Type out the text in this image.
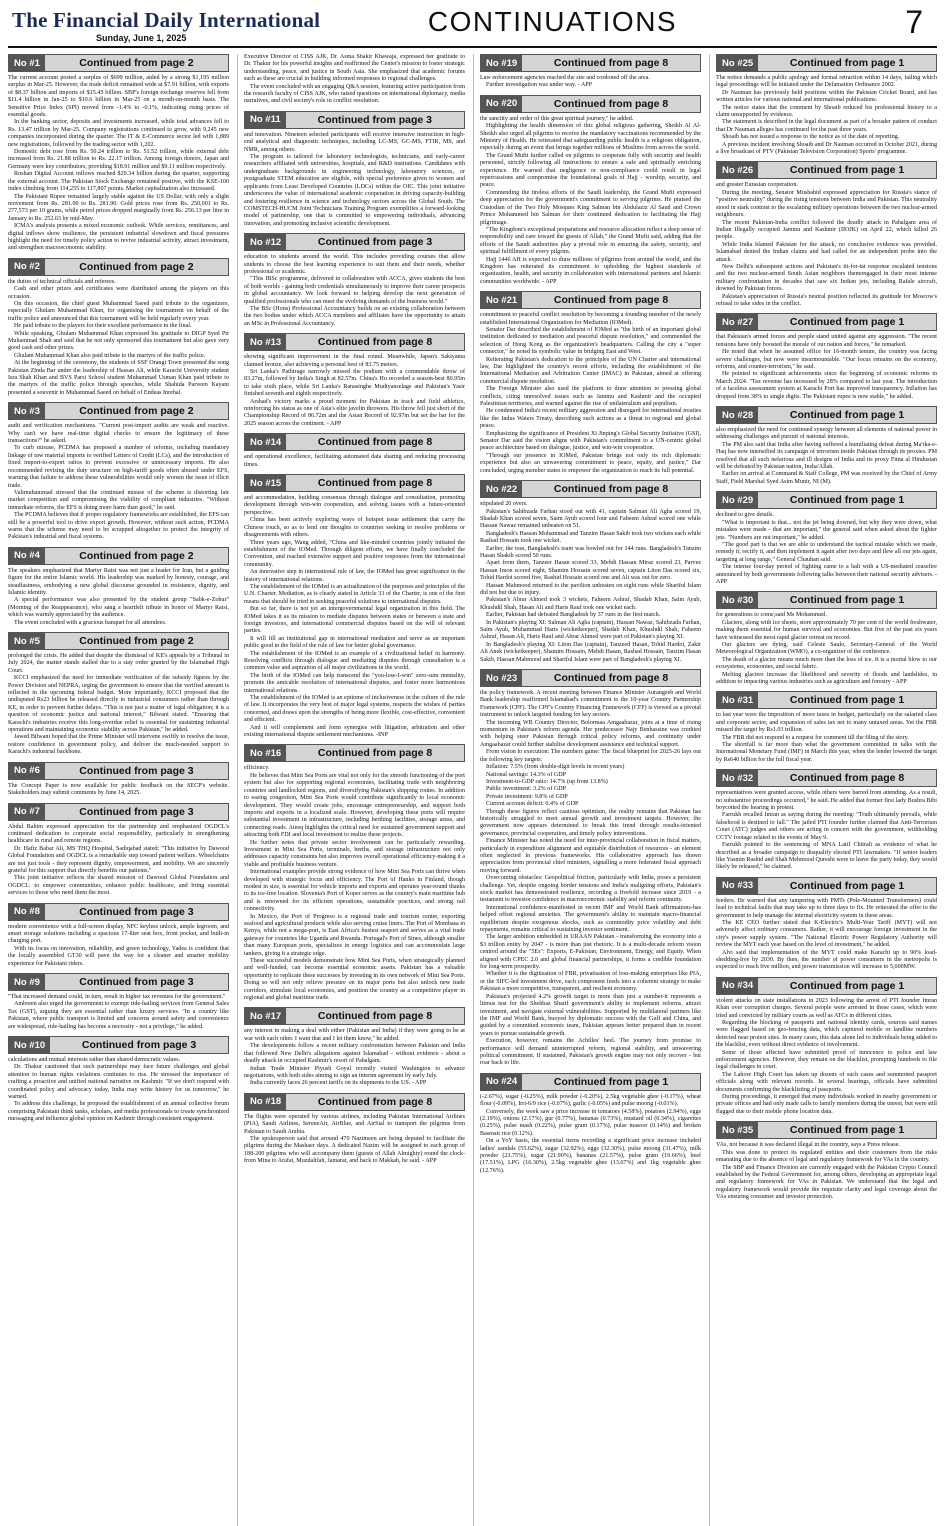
The Financial Daily International
Sunday, June 1, 2025
CONTINUATIONS	7
No #1	Continued from page 2

The current account posted a surplus of $699 million, aided by a strong $1,195 million surplus in Mar-25. However, the trade deficit remained wide at $7.91 billion, with exports of $8.37 billion and imports of $15.45 billion. SBP's foreign exchange reserves fell from $11.4 billion in Jan-25 to $10.6 billion in Mar-25 on a month-on-month basis. The Sensitive Price Index (SPI) moved from -1.4% to -0.1%, indicating rising prices of essential goods.

In the banking sector, deposits and investments increased, while total advances fell to Rs. 13.47 trillion by Mar-25. Company registrations continued to grow, with 9,245 new companies incorporated during the quarter. The IT & E-Commerce sector led with 1,889 new registrations, followed by the trading sector with 1,202.

Domestic debt rose from Rs. 50.24 trillion to Rs. 51.52 trillion, while external debt increased from Rs. 21.88 trillion to Rs. 22.17 trillion. Among foreign donors, Japan and Germany were key contributors, providing $18.91 million and $9.11 million respectively.

Roshan Digital Account inflows reached $29.34 billion during the quarter, supporting the external account. The Pakistan Stock Exchange remained positive, with the KSE-100 index climbing from 114,255 to 117,807 points. Market capitalization also increased.

The Pakistani Rupee remained largely stable against the US Dollar, with only a slight movement from Rs. 281.00 to Rs. 281.90. Gold prices rose from Rs. 250,001 to Rs. 277,573 per 10 grams, while petrol prices dropped marginally from Rs. 256.13 per litre in January to Rs. 252.63 by mid-May.

ICMA's analysis presents a mixed economic outlook. While services, remittances, and digital inflows show resilience, the persistent industrial slowdown and fiscal pressures highlight the need for timely policy action to revive industrial activity, attract investment, and strengthen macroeconomic stability.

No #2	Continued from page 2

the duties of technical officials and referees.

Cash and other prizes and certificates were distributed among the players on this occasion.

On this occasion, the chief guest Muhammad Saeed paid tribute to the organizers, especially Ghulam Muhammad Khan, for organising the tournament on behalf of the traffic police and announced that this tournament will be held regularly every year.

He paid tribute to the players for their excellent performance in the final.

While speaking, Ghulam Muhammad Khan expressed his gratitude to DIGP Syed Pir Muhammad Shah and said that he not only sponsored this tournament but also gave very good cash and other prizes.

Ghulam Muhammad Khan also paid tribute to the martyrs of the traffic police.

At the beginning of the ceremony, the students of SSF Orangi Town presented the song Pakistan Zinda Bar under the leadership of Hassan Ali, while Karachi University student Isra Shah Khan and BVS Parsi School student Muhammad Usman Khan paid tribute to the martyrs of the traffic police through speeches, while Shahida Parveen Kayani presented a souvenir to Muhammad Saeed on behalf of Endeas Inrehal.

No #3	Continued from page 2

audit and verification mechanisms. "Current post-import audits are weak and reactive. Why can't we have real-time digital checks to ensure the legitimacy of these transactions?" he asked.

To curb misuse, PCDMA has proposed a number of reforms, including mandatory linkage of raw material imports to verified Letters of Credit (LCs), and the introduction of fixed import-to-export ratios to prevent excessive or unnecessary imports. He also recommended revising the duty structure on high-tariff goods often abused under EFS, warning that failure to address these vulnerabilities would only worsen the issue of illicit trade.

Valimuhammad stressed that the continued misuse of the scheme is distorting fair market competition and compromising the viability of compliant industries. "Without immediate reforms, the EFS is doing more harm than good," he said.

The PCDMA believes that if proper regulatory frameworks are established, the EFS can still be a powerful tool to drive export growth. However, without such action, PCDMA warns that the scheme may need to be scrapped altogether to protect the integrity of Pakistan's industrial and fiscal systems.

No #4	Continued from page 2

The speakers emphasized that Martyr Raisi was not just a leader for Iran, but a guiding figure for the entire Islamic world. His leadership was marked by honesty, courage, and steadfastness, embodying a new global discourse grounded in resistance, dignity, and Islamic identity.

A special performance was also presented by the student group "Sabk-e-Zohur" (Morning of the Reappearance), who sang a heartfelt tribute in honor of Martyr Raisi, which was warmly appreciated by the audience.

The event concluded with a gracious banquet for all attendees.

No #5	Continued from page 2

prolonged the crisis. He added that despite the dismissal of KE's appeals by a Tribunal in July 2024, the matter stands stalled due to a stay order granted by the Islamabad High Court.

KCCI emphasized the need for immediate verification of the subsidy figures by the Power Division and NEPRA, urging the government to ensure that the verified amount is reflected in the upcoming federal budget. More importantly, KCCI proposed that the undisputed Rs23 billion be released directly to industrial consumers rather than through KE, in order to prevent further delays. "This is not just a matter of legal obligation; it is a question of economic justice and national interest," Bilwani stated. "Ensuring that Karachi's industries receive this long-overdue relief is essential for sustaining industrial operations and maintaining economic stability across Pakistan," he added.

Jawed Bilwani hoped that the Prime Minister will intervene swiftly to resolve the issue, restore confidence in government policy, and deliver the much-needed support to Karachi's industrial backbone.

No #6	Continued from page 3

The Concept Paper is now available for public feedback on the SECP's website. Stakeholders may submit comments by June 14, 2025.

No #7	Continued from page 3

Abdul Rahim expressed appreciation for the partnership and emphasized OGDCL's continued dedication to corporate social responsibility, particularly in strengthening healthcare in rural and remote regions.

Dr. Hafiz Babar Ali, MS THQ Hospital, Sadiqabad stated: "This initiative by Dawood Global Foundation and OGDCL is a remarkable step toward patient welfare. Wheelchairs are not just tools - they represent dignity, empowerment, and mobility. We are sincerely grateful for this support that directly benefits our patients."

This joint initiative reflects the shared mission of Dawood Global Foundation and OGDCL: to empower communities, enhance public healthcare, and bring essential services to those who need them the most.

No #8	Continued from page 3

modern convenience with a full-screen display, NFC keyless unlock, ample legroom, and smart storage solutions including a spacious 17-liter seat box, front pocket, and built-in charging port.

With its focus on innovation, reliability, and green technology, Yadea is confident that the locally assembled GT30 will pave the way for a cleaner and smarter mobility experience for Pakistani riders.

No #9	Continued from page 3

"That increased demand could, in turn, result in higher tax revenues for the government."

Ambreen also urged the government to exempt ride-hailing services from General Sales Tax (GST), arguing they are essential rather than luxury services. "In a country like Pakistan, where public transport is limited and concerns around safety and convenience are widespread, ride-hailing has become a necessity - not a privilege," he added.

No #10	Continued from page 3

calculations and mutual interests rather than shared democratic values.

Dr. Thakur cautioned that such partnerships may face future challenges and global attention to human rights violations continues to rise. He stressed the importance of crafting a proactive and unified national narrative on Kashmir. "If we don't respond with coordinated policy and advocacy today, India may write history for us tomorrow," he warned.

To address this challenge, he proposed the establishment of an annual collective forum comprising Pakistani think tanks, scholars, and media professionals to create synchronized messaging and influence global opinion on Kashmir through consistent engagement.

Executive Director of CISS AJK, Dr. Asma Shakir Khawaja, expressed her gratitude to Dr. Thakur for his powerful insights and reaffirmed the Center's mission to foster strategic understanding, peace, and justice in South Asia. She emphasized that academic forums such as these are crucial in building informed responses to regional challenges.

The event concluded with an engaging Q&A session, featuring active participation from the research faculty of CISS AJK, who raised questions on international diplomacy, media narratives, and civil society's role in conflict resolution.

No #11	Continued from page 3

and innovation. Nineteen selected participants will receive intensive instruction in high-end analytical and diagnostic techniques, including LC-MS, GC-MS, FTIR, MS, and NMR, among others.

The program is tailored for laboratory technologists, technicians, and early-career researchers affiliated with universities, hospitals, and R&D institutions. Candidates with undergraduate backgrounds in engineering technology, laboratory sciences, or postgraduate STEM education are eligible, with special preference given to women and applicants from Least Developed Countries (LDCs) within the OIC. This joint initiative underscores the value of international academic cooperation in driving capacity-building and fostering resilience in science and technology sectors across the Global South. The COMSTECH-HUCM Joint Technicians Training Program exemplifies a forward-looking model of partnership, one that is committed to empowering individuals, advancing innovation, and promoting inclusive scientific development.

No #12	Continued from page 3

education to students around the world. This includes providing courses that allow students to choose the best learning experience to suit them and their needs, whether professional or academic.

"This IBSc programme, delivered in collaboration with ACCA, gives students the best of both worlds - gaining both credentials simultaneously to improve their career prospects in global accountancy. We look forward to helping develop the next generation of qualified professionals who can meet the evolving demands of the business world."

The BSc (Hons) Professional Accountancy builds on an existing collaboration between the two bodies under which ACCA members and affiliates have the opportunity to attain an MSc in Professional Accountancy.

No #13	Continued from page 8

showing significant improvement in the final round. Meanwhile, Japan's Sakiyama claimed bronze, also achieving a personal best of 83.75 meters.

Sri Lanka's Pathirage narrowly missed the podium with a commendable throw of 83.27m, followed by India's Singh at 82.57m. China's Hu recorded a season-best 80.95m to take sixth place, while Sri Lanka's Ranasinghe Mudiyanselage and Pakistan's Yasir finished seventh and eighth respectively.

Arshad's victory marks a proud moment for Pakistan in track and field athletics, reinforcing his status as one of Asia's elite javelin throwers. His throw fell just short of the Championship Record of 86.72m and the Asian Record of 92.97m but set the bar for the 2025 season across the continent. - APP

No #14	Continued from page 8

and operational excellence, facilitating automated data sharing and reducing processing times.

No #15	Continued from page 8

and accommodation, building consensus through dialogue and consultation, promoting development through win-win cooperation, and solving issues with a future-oriented perspective.

China has been actively exploring ways of hotspot issue settlement that carry the Chinese touch, so as to lend our thoughts to countries seeking to resolve problems or disagreements with others.

Three years ago, Wang added, "China and like-minded countries jointly initiated the establishment of the IOMed. Through diligent efforts, we have finally concluded the Convention, and reached extensive support and positive responses from the international community.

An innovative step in international rule of law, the IOMed has great significance in the history of international relations.

The establishment of the IOMed is an actualization of the purposes and principles of the U.N. Charter. Mediation, as is clearly stated in Article 33 of the Charter, is one of the first means that should be tried in seeking peaceful solutions to international disputes.

But so far, there is not yet an intergovernmental legal organization in this field. The IOMed takes it as its mission to mediate disputes between states or between a state and foreign investors, and international commercial disputes based on the will of relevant parties.

It will fill an institutional gap in international mediation and serve as an important public good in the field of the rule of law for better global governance.

The establishment of the IOMed is an example of a civilizational belief in harmony. Resolving conflicts through dialogue and mediating disputes through consultation is a common value and aspiration of all major civilizations in the world.

The birth of the IOMed can help transcend the "you-lose-I-win" zero-sum mentality, promote the amicable resolution of international disputes, and foster more harmonious international relations.

The establishment of the IOMed is an epitome of inclusiveness in the culture of the rule of law. It incorporates the very best of major legal systems, respects the wishes of parties concerned, and draws upon the strengths of being more flexible, cost-effective, convenient and efficient.

And it will complement and form synergies with litigation, arbitration and other existing international dispute settlement mechanisms. -INP

No #16	Continued from page 8

efficiency.

He believes that Mini Sea Ports are vital not only for the smooth functioning of the port system but also for supporting regional economies, facilitating trade with neighboring countries and landlocked regions, and diversifying Pakistan's shipping routes. In addition to easing congestion, Mini Sea Ports would contribute significantly to local economic development. They would create jobs, encourage entrepreneurship, and support both imports and exports in a localized scale. However, developing these ports will require substantial investment in infrastructure, including berthing facilities, storage areas, and connecting roads. Ateeq highlights the critical need for sustained government support and attracting both FDI and local investment to realize these projects.

He further notes that private sector involvement can be particularly rewarding. Investment in Mini Sea Ports, terminals, berths, and storage infrastructure not only addresses capacity constraints but also improves overall operational efficiency-making it a viable and profitable business venture.

International examples provide strong evidence of how Mini Sea Ports can thrive when developed with strategic focus and efficiency. The Port of Hanko in Finland, though modest in size, is essential for vehicle imports and exports and operates year-round thanks to its ice-free location. Slovenia's Port of Koper serves as the country's main maritime hub and is renowned for its efficient operations, sustainable practices, and strong rail connectivity.

In Mexico, the Port of Progreso is a regional trade and tourism center, exporting seafood and agricultural products while also serving cruise liners. The Port of Mombasa in Kenya, while not a mega-port, is East Africa's busiest seaport and serves as a vital trade gateway for countries like Uganda and Rwanda. Portugal's Port of Sines, although smaller than many European ports, specializes in energy logistics and can accommodate large tankers, giving it a strategic edge.

These successful models demonstrate how Mini Sea Ports, when strategically planned and well-funded, can become essential economic assets. Pakistan has a valuable opportunity to replicate these successes by investing in its own network of Mini Sea Ports. Doing so will not only relieve pressure on its major ports but also unlock new trade corridors, stimulate local economies, and position the country as a competitive player in regional and global maritime trade.

No #17	Continued from page 8

any interest in making a deal with either (Pakistan and India) if they were going to be at war with each other. I want that and I let them know," he added.

The developments follow a recent military confrontation between Pakistan and India that followed New Delhi's allegations against Islamabad - without evidence - about a deadly attack in occupied Kashmir's resort of Pahalgam.

Indian Trade Minister Piyush Goyal recently visited Washington to advance negotiations, with both sides aiming to sign an interim agreement by early July.

India currently faces 26 percent tariffs on its shipments to the US. - APP

No #18	Continued from page 8

The flights were operated by various airlines, including Pakistan International Airlines (PIA), Saudi Airlines, SereneAir, AirBlue, and AirSial to transport the pilgrims from Pakistan to Saudi Arabia.

The spokesperson said that around 470 Nazimeen are being deputed to facilitate the pilgrims during the Mashaer days. A dedicated Nazim will be assigned to each group of 188-200 pilgrims who will accompany them (guests of Allah Almighty) round the clock-from Mina to Arafat, Muzdalifah, Jamarat, and back to Makkah, he said. - APP

No #19	Continued from page 8

Law enforcement agencies reached the site and cordoned off the area.

Further investigation was under way. - APP

No #20	Continued from page 8

the sanctity and order of this great spiritual journey," he added.

Highlighting the health dimension of this global religious gathering, Sheikh Al Al-Sheikh also urged all pilgrims to receive the mandatory vaccinations recommended by the Ministry of Health. He reiterated that safeguarding public health is a religious obligation, especially during an event that brings together millions of Muslims from across the world.

The Grand Mufti further called on pilgrims to cooperate fully with security and health personnel, strictly following all instructions to ensure a safe and spiritually enriching experience. He warned that negligence or non-compliance could result in legal repercussions and compromise the foundational goals of Hajj - worship, security, and peace.

Commending the tireless efforts of the Saudi leadership, the Grand Mufti expressed deep appreciation for the government's commitment to serving pilgrims. He praised the Custodian of the Two Holy Mosques King Salman bin Abdulaziz Al Saud and Crown Prince Mohammed bin Salman for their continued dedication to facilitating the Hajj pilgrimage.

"The Kingdom's exceptional preparations and resource allocation reflect a deep sense of responsibility and care toward the guests of Allah," the Grand Mufti said, adding that the efforts of the Saudi authorities play a pivotal role in ensuring the safety, security, and spiritual fulfillment of every pilgrim.

Hajj 1446 AH is expected to draw millions of pilgrims from around the world, and the Kingdom has reiterated its commitment to upholding the highest standards of organization, health, and security in collaboration with international partners and Islamic communities worldwide. - APP

No #21	Continued from page 8

commitment to peaceful conflict resolution by becoming a founding member of the newly established International Organization for Mediation (IOMed).

Senator Dar described the establishment of IOMed as "the birth of an important global institution dedicated to mediation and peaceful dispute resolution," and commended the selection of Hong Kong as the organization's headquarters. Calling the city a "super connector," he noted its symbolic value in bridging East and West.

Reiterating Pakistan's dedication to the principles of the UN Charter and international law, Dar highlighted the country's recent efforts, including the establishment of the International Mediation and Arbitration Center (IMAC) in Pakistan, aimed at offering commercial dispute resolution.

The Foreign Minister also used the platform to draw attention to pressing global conflicts, citing unresolved issues such as Jammu and Kashmir and the occupied Palestinian territories, and warned against the rise of unilateralism and populism.

He condemned India's recent military aggression and disregard for international treaties like the Indus Waters Treaty, describing such actions as a threat to regional and global peace.

Emphasizing the significance of President Xi Jinping's Global Security Initiative (GSI), Senator Dar said the vision aligns with Pakistan's commitment to a UN-centric global peace architecture based on dialogue, justice, and win-win cooperation.

"Through our presence in IOMed, Pakistan brings not only its rich diplomatic experience but also an unwavering commitment to peace, equity, and justice," Dar concluded, urging member states to empower the organization to reach its full potential.

No #22	Continued from page 8

stipulated 20 overs.

Pakistan's Sahibzada Farhan stood out with 41, captain Salman Ali Agha scored 19, Shadab Khan scored seven, Saim Ayub scored four and Faheem Ashraf scored one while Hassan Nawaz remained unbeaten on 51.

Bangladesh's Hassan Mohammad and Tanzim Hasan Sakib took two wickets each while Rashad Hossain took one wicket.

Earlier, the toss, Bangladesh's team was bowled out for 144 runs. Bangladesh's Tanzim Hasan Shakib scored 50 runs.

Apart from them, Tanzeer Hasan scored 33, Mehdi Hassan Miraz scored 23, Parvez Hassan Imon scored eight, Shamim Hossain scored seven, captain Liton Das scored six, Tohid Hardoi scored five, Rashid Hossain scored one and Ali was out for zero.

Hassan Mahmood returned to the pavilion unbeaten on eight runs while Shariful Islam did not but due to injury.

Pakistan's Abrar Ahmed took 3 wickets, Faheem Ashraf, Shadab Khan, Saim Ayub, Khushdil Shah, Hasan Ali and Haris Rauf took one wicket each.

Earlier, Pakistan had defeated Bangladesh by 37 runs in the first match.

In Pakistan's playing XI: Salman Ali Agha (captain), Hassan Nawaz, Sahibzada Farhan, Saim Ayub, Muhammad Haris (wicketkeeper), Shadab Khan, Khushdil Shah, Faheem Ashraf, Hasan Ali, Haris Rauf and Abrar Ahmed were part of Pakistan's playing XI.

In Bangladesh's playing XI: Liton Das (captain), Tanzeed Hasan, Tohid Hardoi, Zakir Ali Anek (wicketkeeper), Shamim Hossain, Mehdi Hasan, Rashad Hossain, Tanzim Hasan Sakib, Hassan Mahmood and Shariful Islam were part of Bangladesh's playing XI.

No #23	Continued from page 8

the policy framework. A recent meeting between Finance Minister Aurangzeb and World Bank leadership reaffirmed Islamabad's commitment to the 10-year Country Partnership Framework (CPF). The CPF's Country Financing Framework (CFF) is viewed as a pivotal instrument to unlock targeted funding for key sectors.

The incoming WB Country Director, Bolormaa Amgaabazar, joins at a time of rising momentum in Pakistan's reform agenda. Her predecessor Najy Benhassine was credited with helping steer Pakistan through critical policy reforms, and continuity under Amgaabazar could further stabilise development assistance and technical support.

From vision to execution: The numbers game: The fiscal blueprint for 2025-26 lays out the following key targets:

Inflation: 7.5% (from double-digit levels in recent years)

National savings: 14.3% of GDP

Investment-to-GDP ratio: 14.7% (up from 13.8%)

Public investment: 3.2% of GDP

Private investment: 9.8% of GDP

Current account deficit: 0.4% of GDP

Though these figures reflect cautious optimism, the reality remains that Pakistan has historically struggled to meet annual growth and investment targets. However, the government now appears determined to break this trend through results-oriented governance, provincial cooperation, and timely policy interventions.

Finance Minister has noted the need for inter-provincial collaboration in fiscal matters, particularly in expenditure alignment and equitable distribution of resources - an element often neglected in previous frameworks. His collaborative approach has drawn appreciation from provincial chief ministers, signalling a more federated fiscal approach moving forward.

Overcoming obstacles: Geopolitical friction, particularly with India, poses a persistent challenge. Yet, despite ongoing border tensions and India's maligning efforts, Pakistan's stock market has demonstrated resilience, recording a fivefold increase since 2019 - a testament to investor confidence in macroeconomic stability and reform continuity.

International confidence-manifested in recent IMF and World Bank affirmations-has helped offset regional anxieties. The government's ability to maintain macro-financial equilibrium despite exogenous shocks, such as commodity price volatility and debt repayments, remains critical to sustaining investor sentiment.

The larger ambition embedded in URAAN Pakistan - transforming the economy into a $3 trillion entity by 2047 - is more than just rhetoric. It is a multi-decade reform vision centred around the "5Es": Exports, E-Pakistan, Environment, Energy, and Equity. When aligned with CPEC 2.0 and global financial partnerships, it forms a credible foundation for long-term prosperity.

Whether it is the digitisation of FBR, privatisation of loss-making enterprises like PIA, or the SIFC-led investment drive, each component feeds into a coherent strategy to make Pakistan a more competitive, transparent, and resilient economy.

Pakistan's projected 4.2% growth target is more than just a number-it represents a litmus test for the Shehbaz Sharif government's ability to implement reforms, attract investment, and navigate external vulnerabilities. Supported by multilateral partners like the IMF and World Bank, buoyed by diplomatic success with the Gulf and China, and guided by a committed economic team, Pakistan appears better prepared than in recent years to pursue sustainable growth.

Execution, however, remains the Achilles' heel. The journey from promise to performance will demand uninterrupted reform, regional stability, and unwavering political commitment. If sustained, Pakistan's growth engine may not only recover - but roar back to life.

No #24	Continued from page 1

(-2.67%), sugar (-0.25%), milk powder (-0.20%), 2.5kg vegetable ghee (-0.17%), wheat flour (-0.09%), Irri-6/9 rice (-0.07%), garlic (-0.05%) and pulse moong (-0.01%).

Conversely, the week saw a price increase in tomatoes (4.58%), potatoes (2.94%), eggs (2.19%), onions (2.17%), gur (0.77%), bananas (0.73%), mustard oil (0.34%), cigarettes (0.25%), pulse mash (0.22%), pulse gram (0.17%), pulse masoor (0.14%) and broken Basmati rice (0.12%).

On a YoY basis, the essential items recording a significant price increase included ladies' sandals (55.62%), sugar (32.92%), eggs (32.30%), pulse moong (31.47%), milk powder (23.75%), sugar (21.90%), bananas (21.57%), pulse gram (19.66%), beef (17.51%), LPG (16.30%), 2.5kg vegetable ghee (13.67%) and 1kg vegetable ghee (12.76%).

No #25	Continued from page 1

The notice demands a public apology and formal retraction within 14 days, failing which legal proceedings will be initiated under the Defamation Ordinance 2002.

Dr Nauman has previously held positions within the Pakistan Cricket Board, and has written articles for various national and international publications.

The notice states that the comment by Shoaib reduced his professional history to a claim unsupported by evidence.

The statement is described in the legal document as part of a broader pattern of conduct that Dr Nauman alleges has continued for the past three years.

Shoaib has not issued a response to the notice as of the date of reporting.

A previous incident involving Shoaib and Dr Nauman occurred in October 2021, during a live broadcast of PTV (Pakistan Television Corporation) Sports' programme.

No #26	Continued from page 1

and greater Eurasian cooperation.

During the meeting, Senator Mushahid expressed appreciation for Russia's stance of "positive neutrality" during the rising tensions between India and Pakistan. This neutrality stood in stark contrast to the escalating military operations between the two nuclear-armed neighbours.

The recent Pakistan-India conflict followed the deadly attack in Pahalgam area of Indian Illegally occupied Jammu and Kashmir (IIOJK) on April 22, which killed 26 people.

While India blamed Pakistan for the attack, no conclusive evidence was provided. Islamabad denied the Indian claims and had called for an independent probe into the attack.

New Delhi's subsequent actions and Pakistan's tit-for-tat response escalated tensions and the two nuclear-armed South Asian neighbors themongaged in their most intense military confrontation in decades that saw six Indian jets, including Rafale aircraft, downed by Pakistan forces.

Pakistan's appreciation of Russia's neutral position reflected its gratitude for Moscow's refusal to take sides in the conflict.

No #27	Continued from page 1

that Pakistan's armed forces and people stand united against any aggression. "The recent tensions have only boosted the morale of our nation and forces," he remarked.

He noted that when he assumed office for 16-month tenure, the country was facing severe challenges, but now were insurmountable. "Our focus remains on the economy, reforms, and counter-terrorism," he said.

He pointed to significant achievements since the beginning of economic reforms in March 2024. "Tax revenue has increased by 28% compared to last year. The introduction of a faceless assessment system at Karachi Port has improved transparency. Inflation has dropped from 38% to single digits. The Pakistani rupee is now stable," he added.

No #28	Continued from page 1

also emphasized the need for continued synergy between all elements of national power in addressing challenges and pursuit of national interests.

The PM also said that India after having suffered a humiliating defeat during Ma'rka-e-Haq has now intensified its campaign of terrorism inside Pakistan through its proxies. PM resolved that all such nefarious and ill designs of India and its proxy Fitna al Hindustan will be defeated by Pakistan nation, Insha'Allah.

Earlier on arrival at Command & Staff College, PM was received by the Chief of Army Staff, Field Marshal Syed Asim Munir, NI (M).

No #29	Continued from page 1

declined to give details.

"What is important is that... not the jet being downed, but why they were down, what mistakes were made - that are important," the general said when asked about the fighter jets. "Numbers are not important," he added.

"The good part is that we are able to understand the tactical mistake which we made, remedy it, rectify it, and then implement it again after two days and flew all our jets again, targeting at long range," General Chauhan said.

The intense four-day period of fighting came to a halt with a US-mediated ceasefire announced by both governments following talks between their national security advisers. - APP

No #30	Continued from page 1

for generations to come,said Ms Mohammed.

Glaciers, along with ice sheets, store approximately 70 per cent of the world freshwater, making them essential for human survival and economies. But five of the past six years have witnessed the most rapid glacier retreat on record.

Our glaciers are dying, said Celeste Saulo, Secretary-General of the World Meteorological Organization (WMO), a co-organizer of the conference.

The death of a glacier means much more than the loss of ice. It is a mortal blow to our ecosystems, economies, and social fabric.

Melting glaciers increase the likelihood and severity of floods and landslides, in addition to impacting various industries such as agriculture and forestry - APP

No #31	Continued from page 1

to last year were the imposition of more taxes in budget, particularly on the salaried class and corporate sector, and expansion of sales tax net to many untaxed areas. Yet the FBR missed the target by Rs1.03 trillion.

The FBR did not respond to a request for comment till the filing of the story.

The shortfall is far more than what the government committed in talks with the International Monetary Fund (IMF) in March this year, when the lender lowered the target by Rs640 billion for the full fiscal year.

No #32	Continued from page 8

representatives were granted access, while others were barred from attending. As a result, no substantive proceedings occurred," he said. He added that former first lady Bushra Bibi boycotted the hearing in protest.

Farrukh recalled Imran as saying during the meeting: "Truth ultimately prevails, while falsehood is destined to fall." The jailed PTI founder further claimed that Anti-Terrorism Court (ATC) judges and others are acting in concert with the government, withholding CCTV footage related to the events of May 9.

Farrukh pointed to the sentencing of MNA Latif Chitrali as evidence of what he described as a broader campaign to disqualify elected PTI lawmakers. "If senior leaders like Yasmin Rashid and Shah Mehmood Qureshi were to leave the party today, they would likely be released," he claimed.

No #33	Continued from page 1

feeders. He warned that any tampering with PMTs (Pole-Mounted Transformers) could lead to technical faults that may take up to three days to fix. He reiterated the offer to the government to help manage the internal electricity system in these areas.

The KE CEO further stated that K-Electric's Multi-Year Tariff (MYT) will not adversely affect ordinary consumers. Rather, it will encourage foreign investment in the city's power supply system. "The National Electric Power Regulatory Authority will review the MYT each year based on the level of investment," he added.

Alvi said that implementation of the MYT could make Karachi up to 90% load-shedding-free by 2030. By then, the number of power consumers in the metropolis is expected to reach five million, and power transmission will increase to 5,000MW.

No #34	Continued from page 1

violent attacks on state installations in 2023 following the arrest of PTI founder Imran Khan over corruption charges. Several people were arrested in these cases, which were tried and convicted by military courts as well as ATCs in different cities.

Regarding the blocking of passports and national identity cards, sources said names were flagged based on geo-fencing data, which captured mobile or landline numbers detected near protest sites. In many cases, this data alone led to individuals being added to the blacklist, even without direct evidence of involvement.

Some of those affected have submitted proof of innocence to police and law enforcement agencies. However, they remain on the blacklist, prompting hundreds to file legal challenges in court.

The Lahore High Court has taken up dozens of such cases and summoned passport officials along with relevant records. In several hearings, officials have submitted documents confirming the blacklisting of passports.

During proceedings, it emerged that many individuals worked in nearby government or private offices and had only made calls to family members during the unrest, but were still flagged due to their mobile phone location data.

No #35	Continued from page 1

VAs, not because it was declared illegal in the country, says a Press release.

This was done to protect its regulated entities and their customers from the risks emanating due to the absence of legal and regulatory framework for VAs in the country.

The SBP and Finance Division are currently engaged with the Pakistan Crypto Council established by the Federal Government for, among others, developing an appropriate legal and regulatory framework for VAs in Pakistan. We understand that the legal and regulatory framework would provide the requisite clarity and legal coverage about the VAs ensuring consumer and investor protection.
